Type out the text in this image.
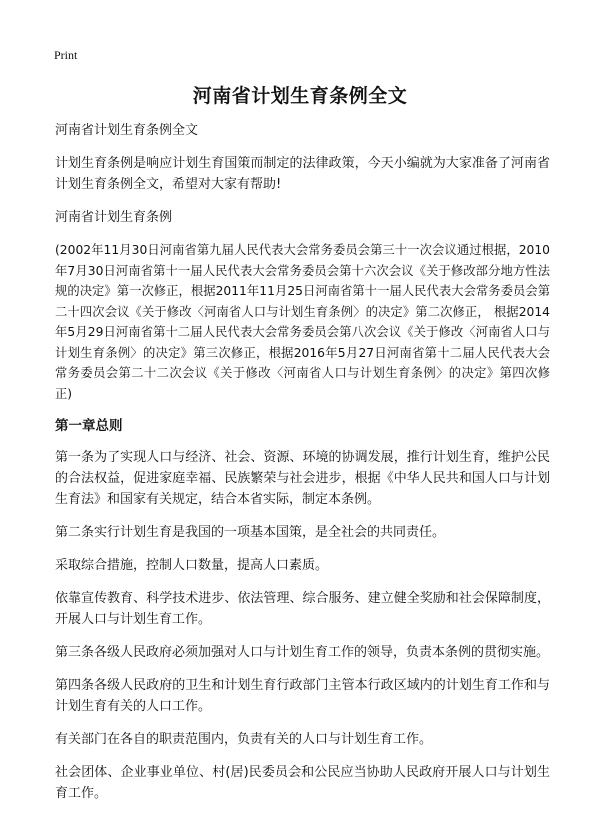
Print
河南省计划生育条例全文

河南省计划生育条例全文

计划生育条例是响应计划生育国策而制定的法律政策，今天小编就为大家准备了河南省计划生育条例全文，希望对大家有帮助!

河南省计划生育条例

(2002年11月30日河南省第九届人民代表大会常务委员会第三十一次会议通过根据，2010年7月30日河南省第十一届人民代表大会常务委员会第十六次会议《关于修改部分地方性法规的决定》第一次修正，根据2011年11月25日河南省第十一届人民代表大会常务委员会第二十四次会议《关于修改〈河南省人口与计划生育条例〉的决定》第二次修正， 根据2014年5月29日河南省第十二届人民代表大会常务委员会第八次会议《关于修改〈河南省人口与计划生育条例〉的决定》第三次修正，根据2016年5月27日河南省第十二届人民代表大会常务委员会第二十二次会议《关于修改〈河南省人口与计划生育条例〉的决定》第四次修正)

第一章总则

第一条为了实现人口与经济、社会、资源、环境的协调发展，推行计划生育，维护公民的合法权益，促进家庭幸福、民族繁荣与社会进步，根据《中华人民共和国人口与计划生育法》和国家有关规定，结合本省实际，制定本条例。

第二条实行计划生育是我国的一项基本国策，是全社会的共同责任。

采取综合措施，控制人口数量，提高人口素质。

依靠宣传教育、科学技术进步、依法管理、综合服务、建立健全奖励和社会保障制度，开展人口与计划生育工作。

第三条各级人民政府必须加强对人口与计划生育工作的领导，负责本条例的贯彻实施。

第四条各级人民政府的卫生和计划生育行政部门主管本行政区域内的计划生育工作和与计划生育有关的人口工作。

有关部门在各自的职责范围内，负责有关的人口与计划生育工作。

社会团体、企业事业单位、村(居)民委员会和公民应当协助人民政府开展人口与计划生育工作。
